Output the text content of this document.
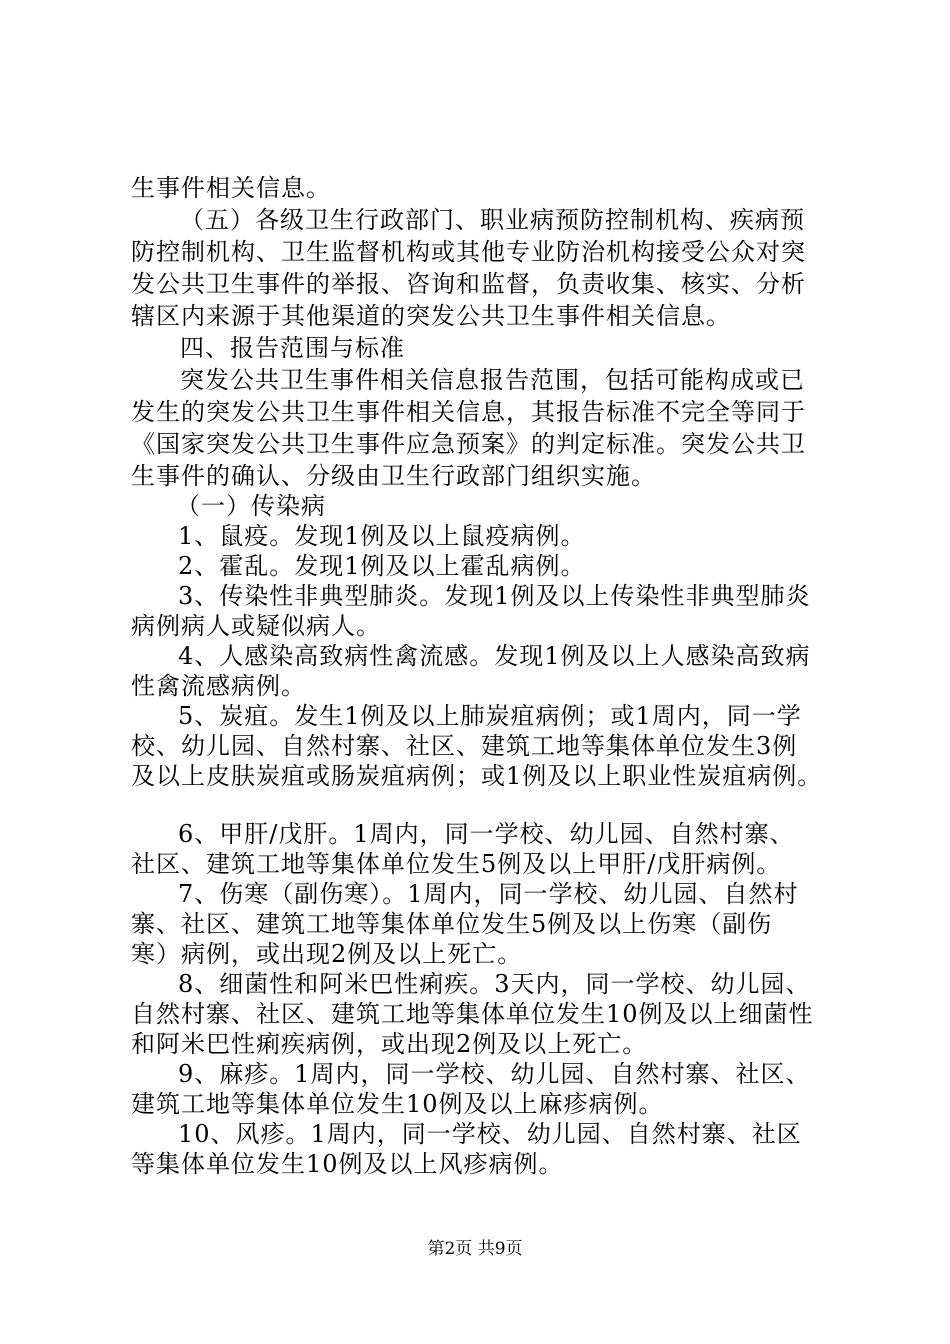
生事件相关信息。
（五）各级卫生行政部门、职业病预防控制机构、疾病预
防控制机构、卫生监督机构或其他专业防治机构接受公众对突
发公共卫生事件的举报、咨询和监督，负责收集、核实、分析
辖区内来源于其他渠道的突发公共卫生事件相关信息。
四、报告范围与标准
突发公共卫生事件相关信息报告范围，包括可能构成或已
发生的突发公共卫生事件相关信息，其报告标准不完全等同于
《国家突发公共卫生事件应急预案》的判定标准。突发公共卫
生事件的确认、分级由卫生行政部门组织实施。
（一）传染病
1、鼠疫。发现1例及以上鼠疫病例。
2、霍乱。发现1例及以上霍乱病例。
3、传染性非典型肺炎。发现1例及以上传染性非典型肺炎
病例病人或疑似病人。
4、人感染高致病性禽流感。发现1例及以上人感染高致病
性禽流感病例。
5、炭疽。发生1例及以上肺炭疽病例；或1周内，同一学
校、幼儿园、自然村寨、社区、建筑工地等集体单位发生3例
及以上皮肤炭疽或肠炭疽病例；或1例及以上职业性炭疽病例。
6、甲肝/戊肝。1周内，同一学校、幼儿园、自然村寨、
社区、建筑工地等集体单位发生5例及以上甲肝/戊肝病例。
7、伤寒（副伤寒）。1周内，同一学校、幼儿园、自然村
寨、社区、建筑工地等集体单位发生5例及以上伤寒（副伤
寒）病例，或出现2例及以上死亡。
8、细菌性和阿米巴性痢疾。3天内，同一学校、幼儿园、
自然村寨、社区、建筑工地等集体单位发生10例及以上细菌性
和阿米巴性痢疾病例，或出现2例及以上死亡。
9、麻疹。1周内，同一学校、幼儿园、自然村寨、社区、
建筑工地等集体单位发生10例及以上麻疹病例。
10、风疹。1周内，同一学校、幼儿园、自然村寨、社区
等集体单位发生10例及以上风疹病例。
第2页 共9页
